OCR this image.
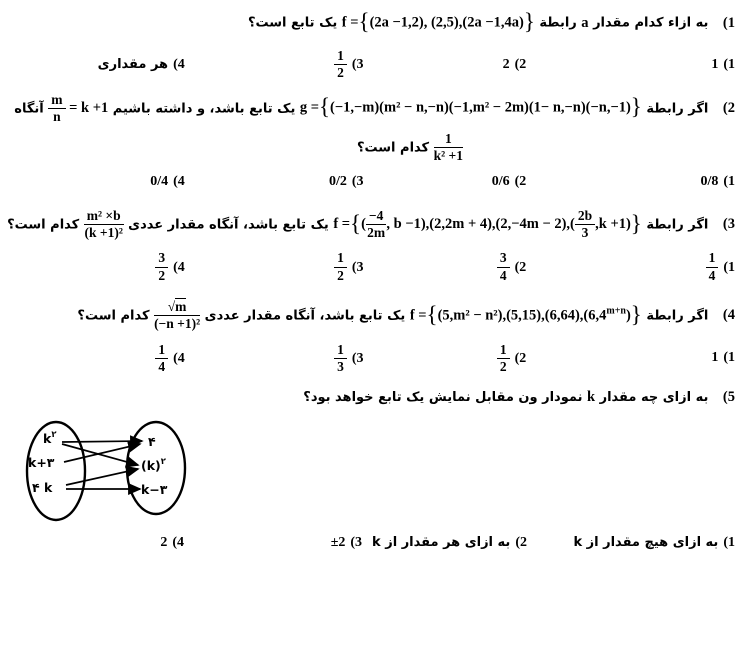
1) به ازاء کدام مقدار a رابطة f ={(2a −1,2), (2,5),(2a −1,4a)} یک تابع است؟
1)1
2)2
3)
$\frac{1}{2}$
4)هر مقداری
2) اگر رابطة g ={(−1,−m)(m² − n,−n)(−1,m² − 2m)(1− n,−n)(−n,−1)} یک تابع باشد، و داشته باشیم
$\frac{m}{n} = k +1$ آنگاه
$\frac{1}{\text{k² +1}}$
کدام است؟
1)0/8
2)0/6
3)0/2
4)0/4
3) اگر رابطة f ={( $\frac{-4}{2m}$ , $b -1),(2,2m + 4),(2,-4m - 2),( \frac{2b}{3} ,k +1)$} یک تابع باشد، آنگاه مقدار عددی
$\frac{\text{m² ×b}}{\text{(k +1)²}}$
کدام است؟
1)
$\frac{1}{4}$
2)
$\frac{3}{4}$
3)
$\frac{1}{2}$
4)
$\frac{3}{2}$
4) اگر رابطة $f =\{(5,m^2 - n^2),(5,15),(6,64),(6,4^{m+n})\}$ یک تابع باشد، آنگاه مقدار عددی
$\frac{√m}{\text{(−n +1)²}}$
کدام است؟
1)1
2)
$\frac{1}{2}$
3)
$\frac{1}{3}$
4)
$\frac{1}{4}$
5) به ازای چه مقدار k نمودار ون مقابل نمایش یک تابع خواهد بود؟
$k^۲$
k+۳
۴ k
۴
$(k)^۲$
k−۳
1)به ازای هیچ مقدار از k
2)به ازای هر مقدار از k
3)±2
4)2
